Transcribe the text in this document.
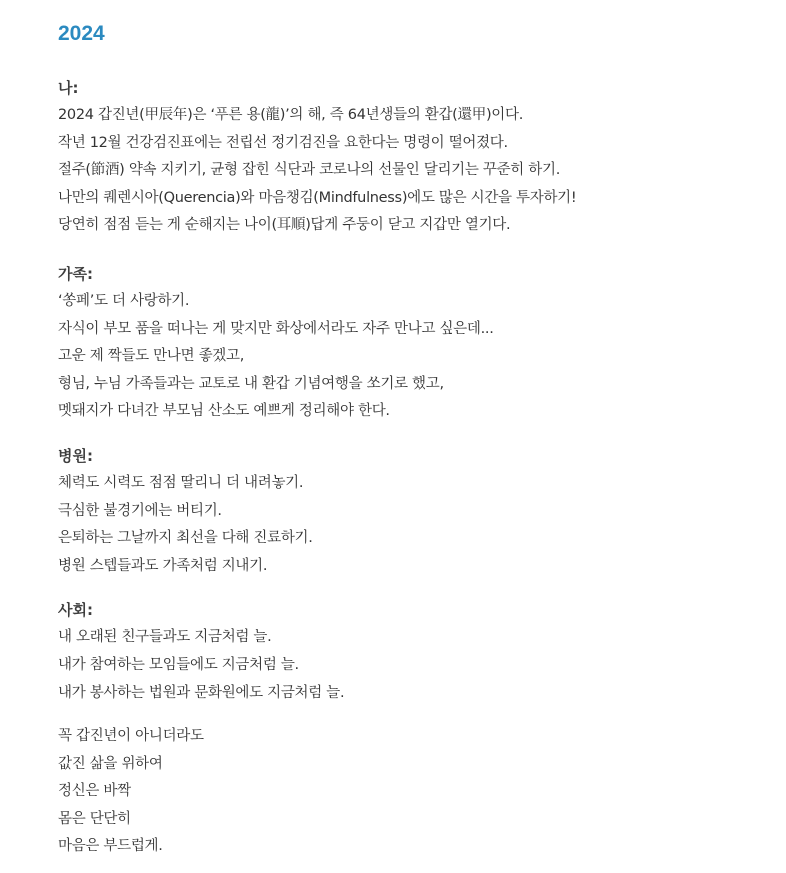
2024
나:
2024 갑진년(甲辰年)은 ‘푸른 용(龍)’의 해, 즉 64년생들의 환갑(還甲)이다.
작년 12월 건강검진표에는 전립선 정기검진을 요한다는 명령이 떨어졌다.
절주(節酒) 약속 지키기, 균형 잡힌 식단과 코로나의 선물인 달리기는 꾸준히 하기.
나만의 퀘렌시아(Querencia)와 마음챙김(Mindfulness)에도 많은 시간을 투자하기!
당연히 점점 듣는 게 순해지는 나이(耳順)답게 주둥이 닫고 지갑만 열기다.
가족:
‘쏭페’도 더 사랑하기.
자식이 부모 품을 떠나는 게 맞지만 화상에서라도 자주 만나고 싶은데...
고운 제 짝들도 만나면 좋겠고,
형님, 누님 가족들과는 교토로 내 환갑 기념여행을 쏘기로 했고,
멧돼지가 다녀간 부모님 산소도 예쁘게 정리해야 한다.
병원:
체력도 시력도 점점 딸리니 더 내려놓기.
극심한 불경기에는 버티기.
은퇴하는 그날까지 최선을 다해 진료하기.
병원 스텝들과도 가족처럼 지내기.
사회:
내 오래된 친구들과도 지금처럼 늘.
내가 참여하는 모임들에도 지금처럼 늘.
내가 봉사하는 법원과 문화원에도 지금처럼 늘.
꼭 갑진년이 아니더라도
값진 삶을 위하여
정신은 바짝
몸은 단단히
마음은 부드럽게.
